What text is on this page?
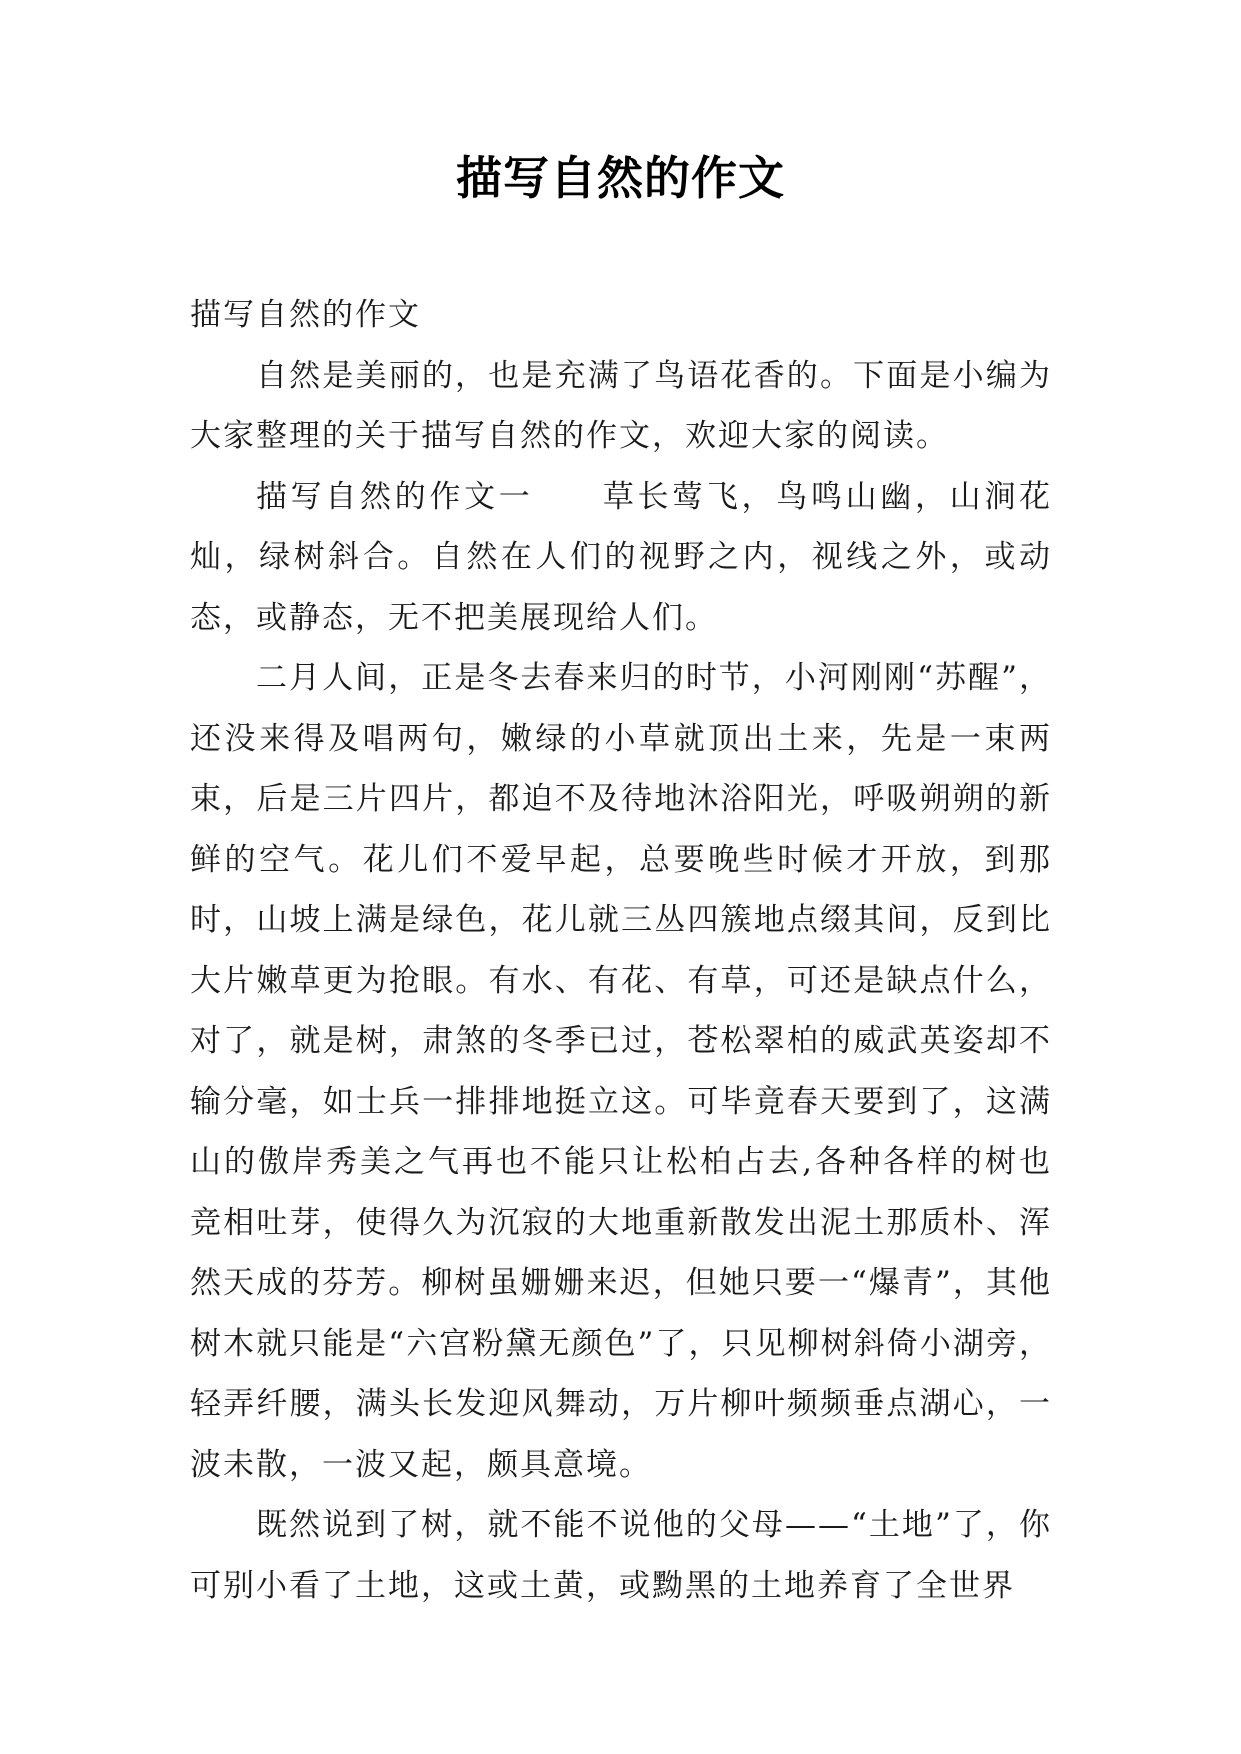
描写自然的作文

描写自然的作文

自然是美丽的，也是充满了鸟语花香的。下面是小编为大家整理的关于描写自然的作文，欢迎大家的阅读。

描写自然的作文一　　草长莺飞，鸟鸣山幽，山涧花灿，绿树斜合。自然在人们的视野之内，视线之外，或动态，或静态，无不把美展现给人们。

二月人间，正是冬去春来归的时节，小河刚刚“苏醒”，还没来得及唱两句，嫩绿的小草就顶出土来，先是一束两束，后是三片四片，都迫不及待地沐浴阳光，呼吸朔朔的新鲜的空气。花儿们不爱早起，总要晚些时候才开放，到那时，山坡上满是绿色，花儿就三丛四簇地点缀其间，反到比大片嫩草更为抢眼。有水、有花、有草，可还是缺点什么，对了，就是树，肃煞的冬季已过，苍松翠柏的威武英姿却不输分毫，如士兵一排排地挺立这。可毕竟春天要到了，这满山的傲岸秀美之气再也不能只让松柏占去,各种各样的树也竞相吐芽，使得久为沉寂的大地重新散发出泥土那质朴、浑然天成的芬芳。柳树虽姗姗来迟，但她只要一“爆青”，其他树木就只能是“六宫粉黛无颜色”了，只见柳树斜倚小湖旁，轻弄纤腰，满头长发迎风舞动，万片柳叶频频垂点湖心，一波未散，一波又起，颇具意境。

既然说到了树，就不能不说他的父母——“土地”了，你可别小看了土地，这或土黄，或黝黑的土地养育了全世界
